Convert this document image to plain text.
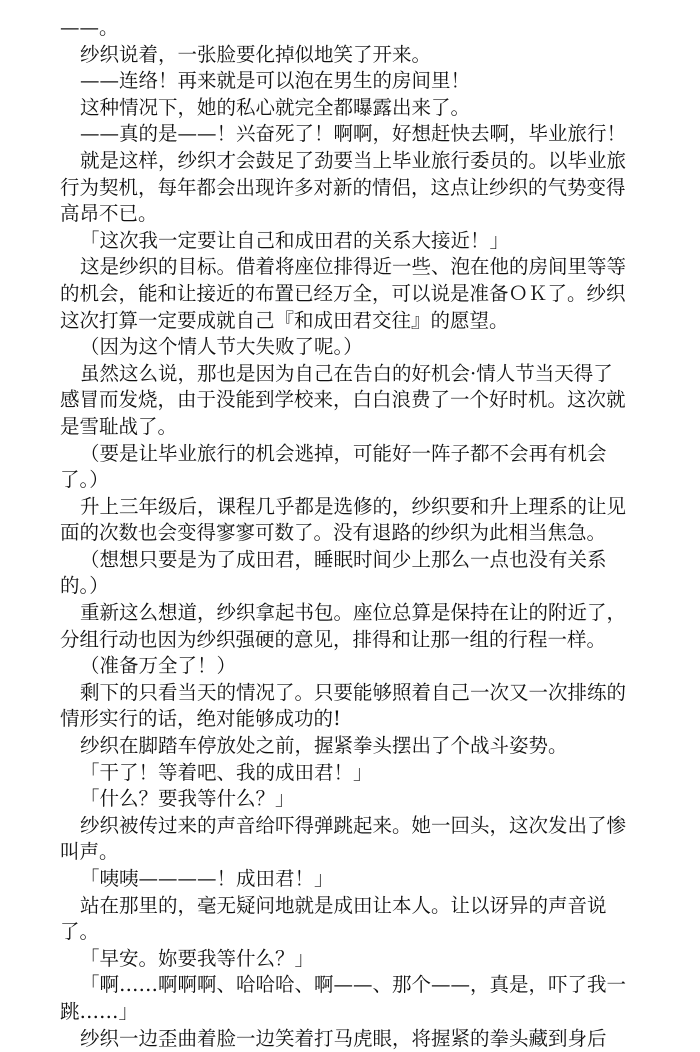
——。

纱织说着，一张脸要化掉似地笑了开来。

——连络！再来就是可以泡在男生的房间里！

这种情况下，她的私心就完全都曝露出来了。

——真的是——！兴奋死了！啊啊，好想赶快去啊，毕业旅行！

就是这样，纱织才会鼓足了劲要当上毕业旅行委员的。以毕业旅行为契机，每年都会出现许多对新的情侣，这点让纱织的气势变得高昂不已。

「这次我一定要让自己和成田君的关系大接近！」

这是纱织的目标。借着将座位排得近一些、泡在他的房间里等等的机会，能和让接近的布置已经万全，可以说是准备ＯＫ了。纱织这次打算一定要成就自己『和成田君交往』的愿望。

（因为这个情人节大失败了呢。）

虽然这么说，那也是因为自己在告白的好机会·情人节当天得了感冒而发烧，由于没能到学校来，白白浪费了一个好时机。这次就是雪耻战了。

（要是让毕业旅行的机会逃掉，可能好一阵子都不会再有机会了。）

升上三年级后，课程几乎都是选修的，纱织要和升上理系的让见面的次数也会变得寥寥可数了。没有退路的纱织为此相当焦急。

（想想只要是为了成田君，睡眠时间少上那么一点也没有关系的。）

重新这么想道，纱织拿起书包。座位总算是保持在让的附近了，分组行动也因为纱织强硬的意见，排得和让那一组的行程一样。

（准备万全了！）

剩下的只看当天的情况了。只要能够照着自己一次又一次排练的情形实行的话，绝对能够成功的!

纱织在脚踏车停放处之前，握紧拳头摆出了个战斗姿势。

「干了！等着吧、我的成田君！」

「什么？要我等什么？」

纱织被传过来的声音给吓得弹跳起来。她一回头，这次发出了惨叫声。

「咦咦————！成田君！」

站在那里的，毫无疑问地就是成田让本人。让以讶异的声音说了。

「早安。妳要我等什么？」

「啊……啊啊啊、哈哈哈、啊——、那个——，真是，吓了我一跳……」

纱织一边歪曲着脸一边笑着打马虎眼，将握紧的拳头藏到身后
